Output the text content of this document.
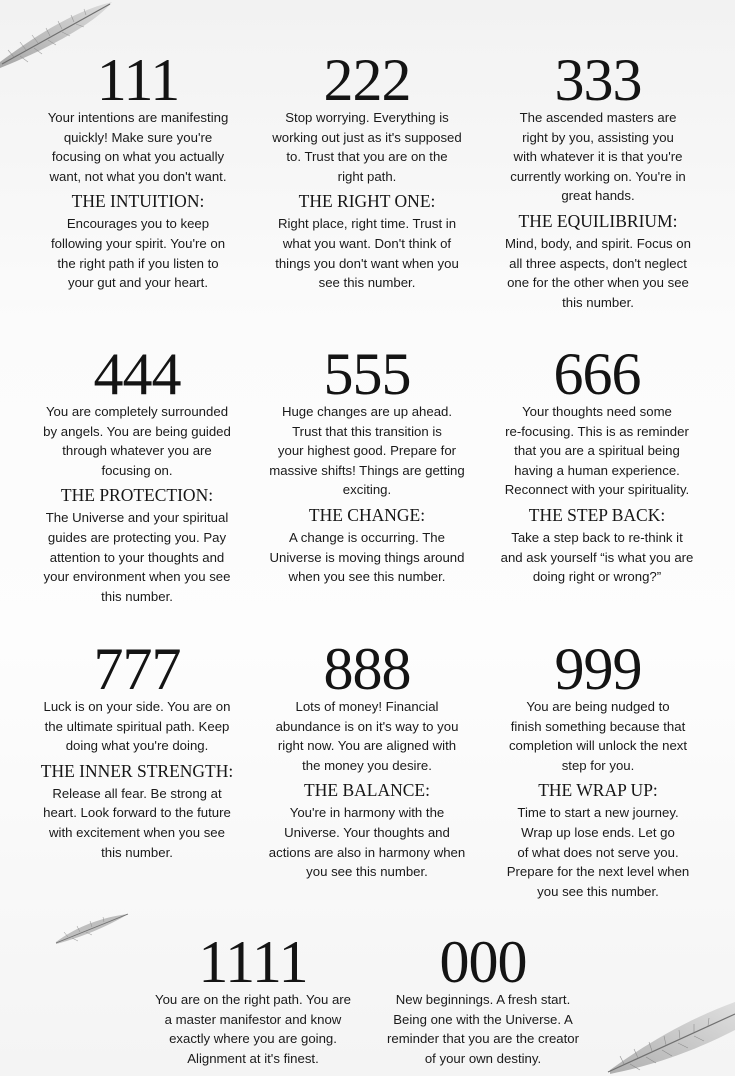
111
Your intentions are manifesting
quickly! Make sure you're
focusing on what you actually
want, not what you don't want.
THE INTUITION:
Encourages you to keep
following your spirit. You're on
the right path if you listen to
your gut and your heart.
222
Stop worrying. Everything is
working out just as it's supposed
to. Trust that you are on the
right path.
THE RIGHT ONE:
Right place, right time. Trust in
what you want. Don't think of
things you don't want when you
see this number.
333
The ascended masters are
right by you, assisting you
with whatever it is that you're
currently working on. You're in
great hands.
THE EQUILIBRIUM:
Mind, body, and spirit. Focus on
all three aspects, don't neglect
one for the other when you see
this number.
444
You are completely surrounded
by angels. You are being guided
through whatever you are
focusing on.
THE PROTECTION:
The Universe and your spiritual
guides are protecting you. Pay
attention to your thoughts and
your environment when you see
this number.
555
Huge changes are up ahead.
Trust that this transition is
your highest good. Prepare for
massive shifts! Things are getting
exciting.
THE CHANGE:
A change is occurring. The
Universe is moving things around
when you see this number.
666
Your thoughts need some
re-focusing. This is as reminder
that you are a spiritual being
having a human experience.
Reconnect with your spirituality.
THE STEP BACK:
Take a step back to re-think it
and ask yourself “is what you are
doing right or wrong?”
777
Luck is on your side. You are on
the ultimate spiritual path. Keep
doing what you're doing.
THE INNER STRENGTH:
Release all fear. Be strong at
heart. Look forward to the future
with excitement when you see
this number.
888
Lots of money! Financial
abundance is on it's way to you
right now. You are aligned with
the money you desire.
THE BALANCE:
You're in harmony with the
Universe. Your thoughts and
actions are also in harmony when
you see this number.
999
You are being nudged to
finish something because that
completion will unlock the next
step for you.
THE WRAP UP:
Time to start a new journey.
Wrap up lose ends. Let go
of what does not serve you.
Prepare for the next level when
you see this number.
1111
You are on the right path. You are
a master manifestor and know
exactly where you are going.
Alignment at it's finest.
000
New beginnings. A fresh start.
Being one with the Universe. A
reminder that you are the creator
of your own destiny.
